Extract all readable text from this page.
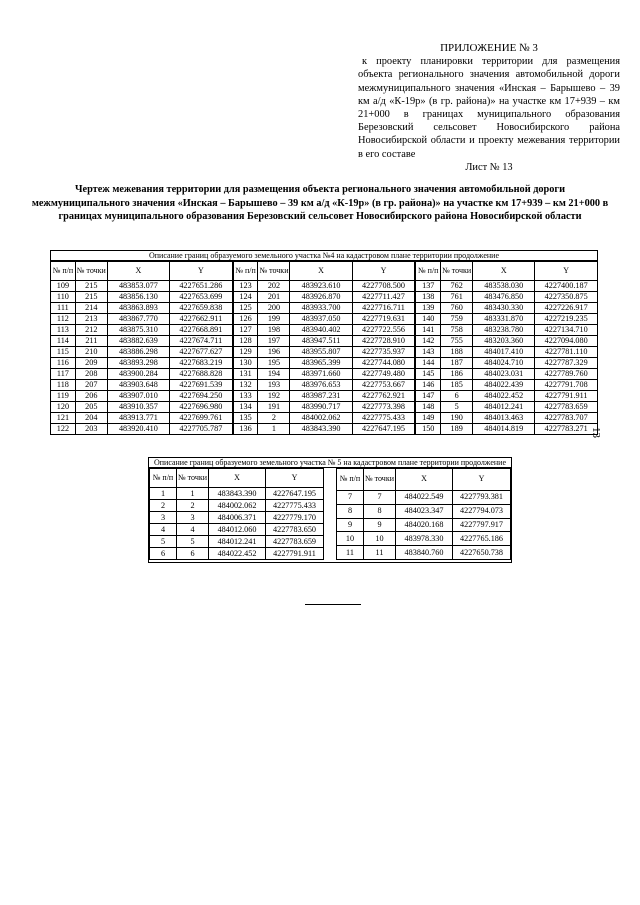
ПРИЛОЖЕНИЕ № 3
к проекту планировки территории для размещения объекта регионального значения автомобильной дороги межмуниципального значения «Инская – Барышево – 39 км а/д «К-19р» (в гр. района)» на участке км 17+939 – км 21+000 в границах муниципального образования Березовский сельсовет Новосибирского района Новосибирской области и проекту межевания территории в его составе
Лист № 13
Чертеж межевания территории для размещения объекта регионального значения автомобильной дороги межмуниципального значения «Инская – Барышево – 39 км а/д «К-19р» (в гр. района)» на участке км 17+939 – км 21+000 в границах муниципального образования Березовский сельсовет Новосибирского района Новосибирской области
13
Описание границ образуемого земельного участка №4 на кадастровом плане территории продолжение
№ п/п	№ точки	X	Y
109	215	483853.077	4227651.286
110	215	483856.130	4227653.699
111	214	483863.893	4227659.838
112	213	483867.770	4227662.911
113	212	483875.310	4227668.891
114	211	483882.639	4227674.711
115	210	483886.298	4227677.627
116	209	483893.298	4227683.219
117	208	483900.284	4227688.828
118	207	483903.648	4227691.539
119	206	483907.010	4227694.250
120	205	483910.357	4227696.980
121	204	483913.771	4227699.761
122	203	483920.410	4227705.787
№ п/п	№ точки	X	Y
123	202	483923.610	4227708.500
124	201	483926.870	4227711.427
125	200	483933.700	4227716.711
126	199	483937.050	4227719.631
127	198	483940.402	4227722.556
128	197	483947.511	4227728.910
129	196	483955.807	4227735.937
130	195	483965.399	4227744.080
131	194	483971.660	4227749.480
132	193	483976.653	4227753.667
133	192	483987.231	4227762.921
134	191	483990.717	4227773.398
135	2	484002.062	4227775.433
136	1	483843.390	4227647.195
№ п/п	№ точки	X	Y
137	762	483538.030	4227400.187
138	761	483476.850	4227350.875
139	760	483430.330	4227226.917
140	759	483331.870	4227219.235
141	758	483238.780	4227134.710
142	755	483203.360	4227094.080
143	188	484017.410	4227781.110
144	187	484024.710	4227787.329
145	186	484023.031	4227789.760
146	185	484022.439	4227791.708
147	6	484022.452	4227791.911
148	5	484012.241	4227783.659
149	190	484013.463	4227783.707
150	189	484014.819	4227783.271
Описание границ образуемого земельного участка № 5 на кадастровом плане территории продолжение
№ п/п	№ точки	X	Y
1	1	483843.390	4227647.195
2	2	484002.062	4227775.433
3	3	484006.371	4227779.170
4	4	484012.060	4227783.650
5	5	484012.241	4227783.659
6	6	484022.452	4227791.911
№ п/п	№ точки	X	Y
7	7	484022.549	4227793.381
8	8	484023.347	4227794.073
9	9	484020.168	4227797.917
10	10	483978.330	4227765.186
11	11	483840.760	4227650.738
